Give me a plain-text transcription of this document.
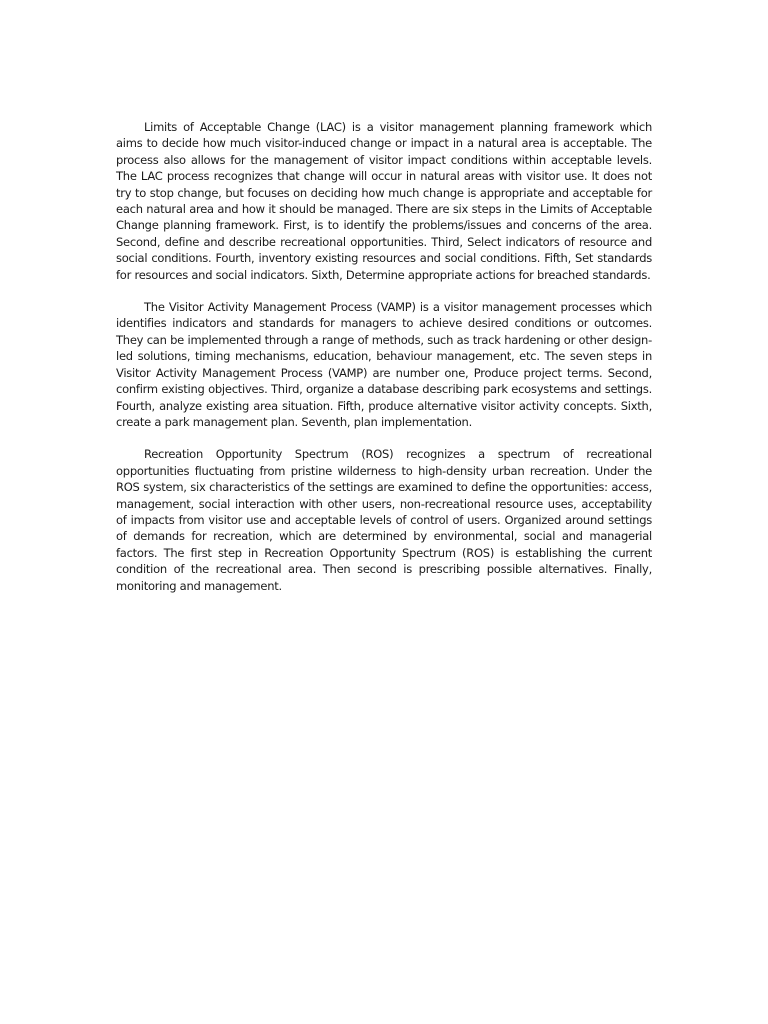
Limits of Acceptable Change (LAC) is a visitor management planning framework which aims to decide how much visitor-induced change or impact in a natural area is acceptable. The process also allows for the management of visitor impact conditions within acceptable levels. The LAC process recognizes that change will occur in natural areas with visitor use. It does not try to stop change, but focuses on deciding how much change is appropriate and acceptable for each natural area and how it should be managed. There are six steps in the Limits of Acceptable Change planning framework. First, is to identify the problems/issues and concerns of the area. Second, define and describe recreational opportunities. Third, Select indicators of resource and social conditions. Fourth, inventory existing resources and social conditions. Fifth, Set standards for resources and social indicators. Sixth, Determine appropriate actions for breached standards.

The Visitor Activity Management Process (VAMP) is a visitor management processes which identifies indicators and standards for managers to achieve desired conditions or outcomes. They can be implemented through a range of methods, such as track hardening or other design-led solutions, timing mechanisms, education, behaviour management, etc. The seven steps in Visitor Activity Management Process (VAMP) are number one, Produce project terms. Second, confirm existing objectives. Third, organize a database describing park ecosystems and settings. Fourth, analyze existing area situation. Fifth, produce alternative visitor activity concepts. Sixth, create a park management plan. Seventh, plan implementation.

Recreation Opportunity Spectrum (ROS) recognizes a spectrum of recreational opportunities fluctuating from pristine wilderness to high-density urban recreation. Under the ROS system, six characteristics of the settings are examined to define the opportunities: access, management, social interaction with other users, non-recreational resource uses, acceptability of impacts from visitor use and acceptable levels of control of users. Organized around settings of demands for recreation, which are determined by environmental, social and managerial factors. The first step in Recreation Opportunity Spectrum (ROS) is establishing the current condition of the recreational area. Then second is prescribing possible alternatives. Finally, monitoring and management.
